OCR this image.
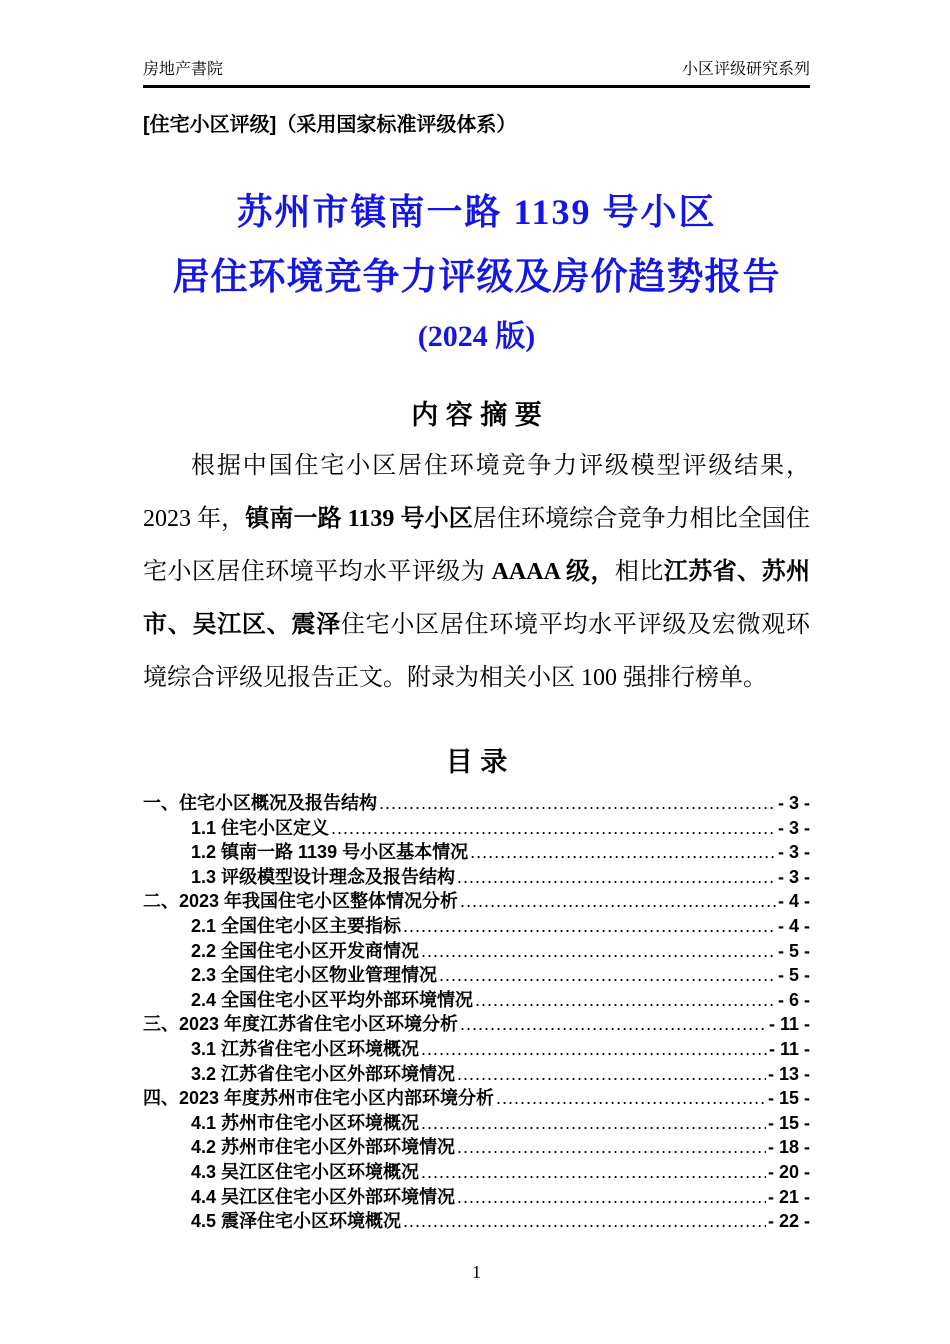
房地产書院	小区评级研究系列
[住宅小区评级]（采用国家标准评级体系）
苏州市镇南一路 1139 号小区
居住环境竞争力评级及房价趋势报告
(2024 版)
内 容 摘 要

根据中国住宅小区居住环境竞争力评级模型评级结果，2023 年，镇南一路 1139 号小区居住环境综合竞争力相比全国住宅小区居住环境平均水平评级为 AAAA 级，相比江苏省、苏州市、吴江区、震泽住宅小区居住环境平均水平评级及宏微观环境综合评级见报告正文。附录为相关小区 100 强排行榜单。

目 录
一、住宅小区概况及报告结构 .....	- 3 -
1.1 住宅小区定义 .....	- 3 -
1.2 镇南一路 1139 号小区基本情况 .....	- 3 -
1.3 评级模型设计理念及报告结构 .....	- 3 -
二、2023 年我国住宅小区整体情况分析 .....	- 4 -
2.1 全国住宅小区主要指标 .....	- 4 -
2.2 全国住宅小区开发商情况 .....	- 5 -
2.3 全国住宅小区物业管理情况 .....	- 5 -
2.4 全国住宅小区平均外部环境情况 .....	- 6 -
三、2023 年度江苏省住宅小区环境分析 .....	- 11 -
3.1 江苏省住宅小区环境概况 .....	- 11 -
3.2 江苏省住宅小区外部环境情况 .....	- 13 -
四、2023 年度苏州市住宅小区内部环境分析 .....	- 15 -
4.1 苏州市住宅小区环境概况 .....	- 15 -
4.2 苏州市住宅小区外部环境情况 .....	- 18 -
4.3 吴江区住宅小区环境概况 .....	- 20 -
4.4 吴江区住宅小区外部环境情况 .....	- 21 -
4.5 震泽住宅小区环境概况 .....	- 22 -
1
